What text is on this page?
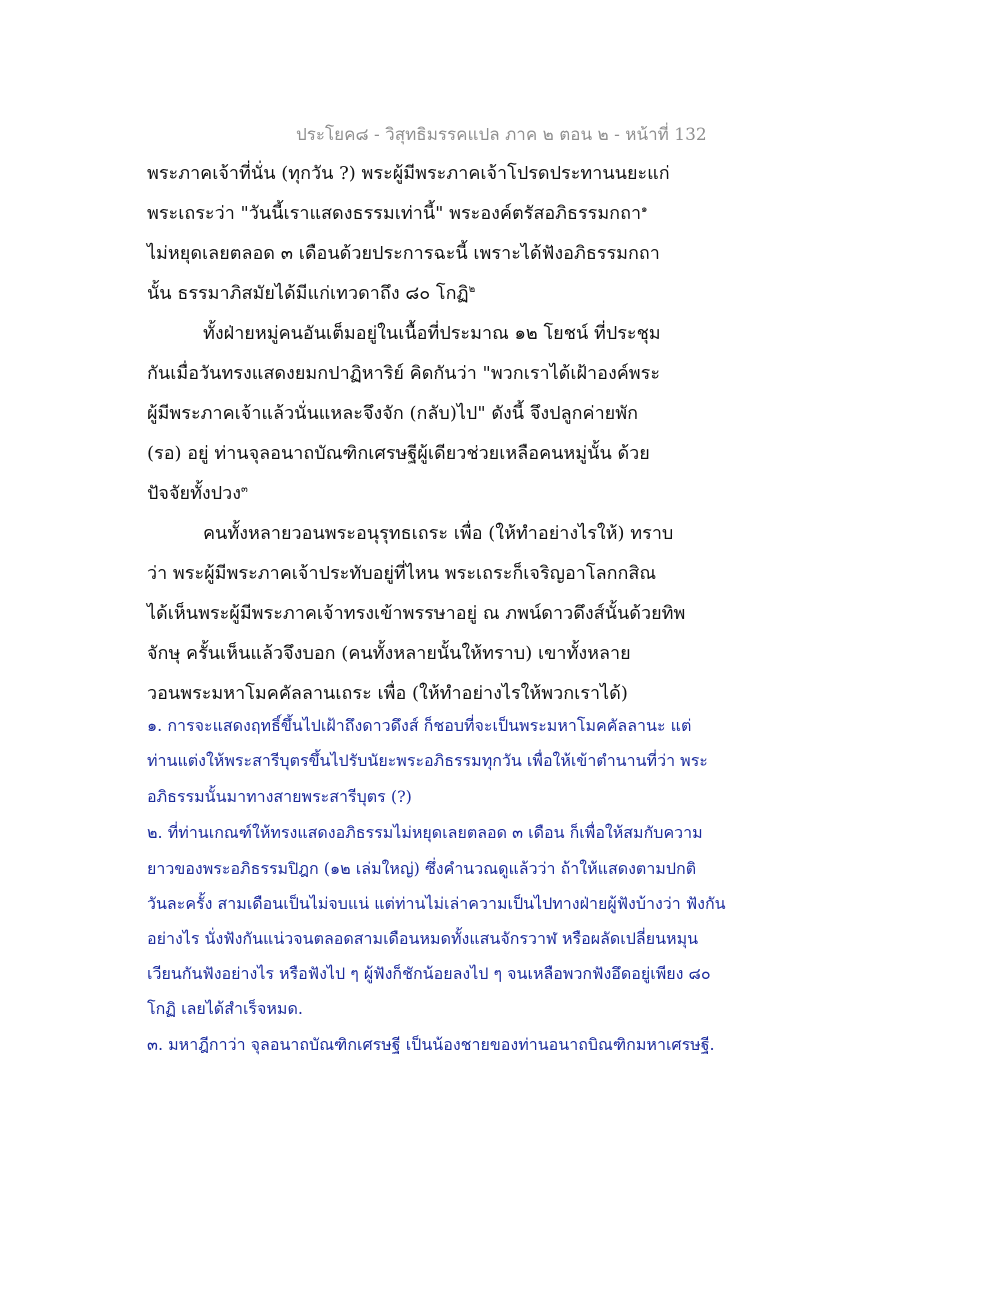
ประโยค๘ - วิสุทธิมรรคแปล ภาค ๒ ตอน ๒ - หน้าที่ 132
พระภาคเจ้าที่นั่น (ทุกวัน ?) พระผู้มีพระภาคเจ้าโปรดประทานนยะแก่
พระเถระว่า "วันนี้เราแสดงธรรมเท่านี้" พระองค์ตรัสอภิธรรมกถา$^๑$
ไม่หยุดเลยตลอด ๓ เดือนด้วยประการฉะนี้ เพราะได้ฟังอภิธรรมกถา
นั้น ธรรมาภิสมัยได้มีแก่เทวดาถึง ๘๐ โกฏิ$^๒$
ทั้งฝ่ายหมู่คนอันเต็มอยู่ในเนื้อที่ประมาณ ๑๒ โยชน์ ที่ประชุม
กันเมื่อวันทรงแสดงยมกปาฏิหาริย์ คิดกันว่า "พวกเราได้เฝ้าองค์พระ
ผู้มีพระภาคเจ้าแล้วนั่นแหละจึงจัก (กลับ)ไป" ดังนี้ จึงปลูกค่ายพัก
(รอ) อยู่ ท่านจุลอนาถบัณฑิกเศรษฐีผู้เดียวช่วยเหลือคนหมู่นั้น ด้วย
ปัจจัยทั้งปวง$^๓$
คนทั้งหลายวอนพระอนุรุทธเถระ เพื่อ (ให้ทำอย่างไรให้) ทราบ
ว่า พระผู้มีพระภาคเจ้าประทับอยู่ที่ไหน พระเถระก็เจริญอาโลกกสิณ
ได้เห็นพระผู้มีพระภาคเจ้าทรงเข้าพรรษาอยู่ ณ ภพน์ดาวดึงส์นั้นด้วยทิพ
จักษุ ครั้นเห็นแล้วจึงบอก (คนทั้งหลายนั้นให้ทราบ) เขาทั้งหลาย
วอนพระมหาโมคคัลลานเถระ เพื่อ (ให้ทำอย่างไรให้พวกเราได้)
๑. การจะแสดงฤทธิ์ขึ้นไปเฝ้าถึงดาวดึงส์ ก็ชอบที่จะเป็นพระมหาโมคคัลลานะ แต่
ท่านแต่งให้พระสารีบุตรขึ้นไปรับนัยะพระอภิธรรมทุกวัน เพื่อให้เข้าตำนานที่ว่า พระ
อภิธรรมนั้นมาทางสายพระสารีบุตร (?)
๒. ที่ท่านเกณฑ์ให้ทรงแสดงอภิธรรมไม่หยุดเลยตลอด ๓ เดือน ก็เพื่อให้สมกับความ
ยาวของพระอภิธรรมปิฎก (๑๒ เล่มใหญ่) ซึ่งคำนวณดูแล้วว่า ถ้าให้แสดงตามปกติ
วันละครั้ง สามเดือนเป็นไม่จบแน่ แต่ท่านไม่เล่าความเป็นไปทางฝ่ายผู้ฟังบ้างว่า ฟังกัน
อย่างไร นั่งฟังกันแน่วจนตลอดสามเดือนหมดทั้งแสนจักรวาฬ หรือผลัดเปลี่ยนหมุน
เวียนกันฟังอย่างไร หรือฟังไป ๆ ผู้ฟังก็ชักน้อยลงไป ๆ จนเหลือพวกฟังอึดอยู่เพียง ๘๐
โกฏิ เลยได้สำเร็จหมด.
๓. มหาฎีกาว่า จุลอนาถบัณฑิกเศรษฐี เป็นน้องชายของท่านอนาถบิณฑิกมหาเศรษฐี.
